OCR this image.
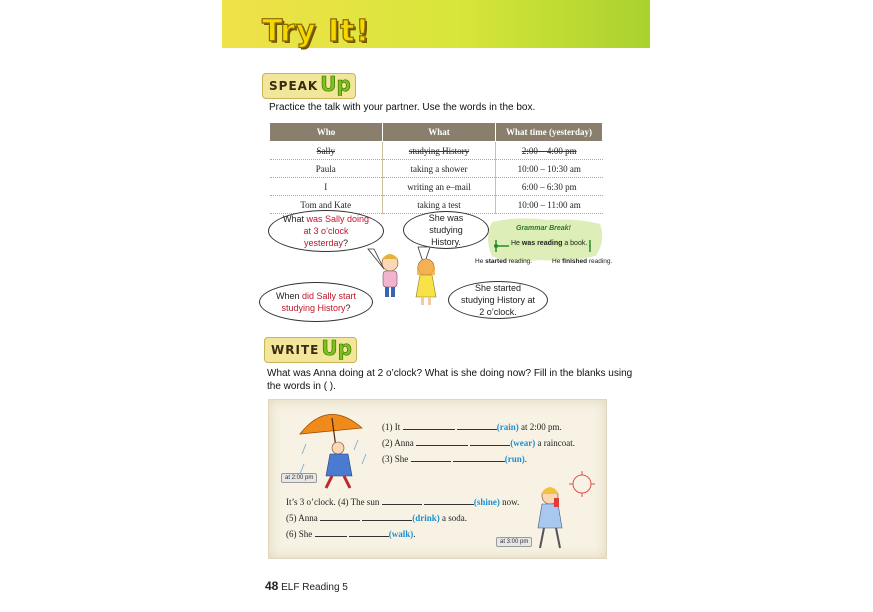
Try It!
SPEAK Up
Practice the talk with your partner. Use the words in the box.
Who	What	What time (yesterday)
Sally	studying History	2:00 – 4:00 pm
Paula	taking a shower	10:00 – 10:30 am
I	writing an e–mail	6:00 – 6:30 pm
Tom and Kate	taking a test	10:00 – 11:00 am
What was Sally doing at 3 o’clock yesterday?
She was studying History.
When did Sally start studying History?
She started studying History at 2 o’clock.
Grammar Break!
He was reading a book.
He started reading.	He finished reading.
WRITE Up
What was Anna doing at 2 o’clock? What is she doing now? Fill in the blanks using
the words in ( ).
at 2:00 pm
at 3:00 pm
(1) It	(rain) at 2:00 pm.
(2) Anna	(wear) a raincoat.
(3) She	(run).
It’s 3 o’clock. (4) The sun	(shine) now.
(5) Anna	(drink) a soda.
(6) She	(walk).
48 ELF Reading 5
